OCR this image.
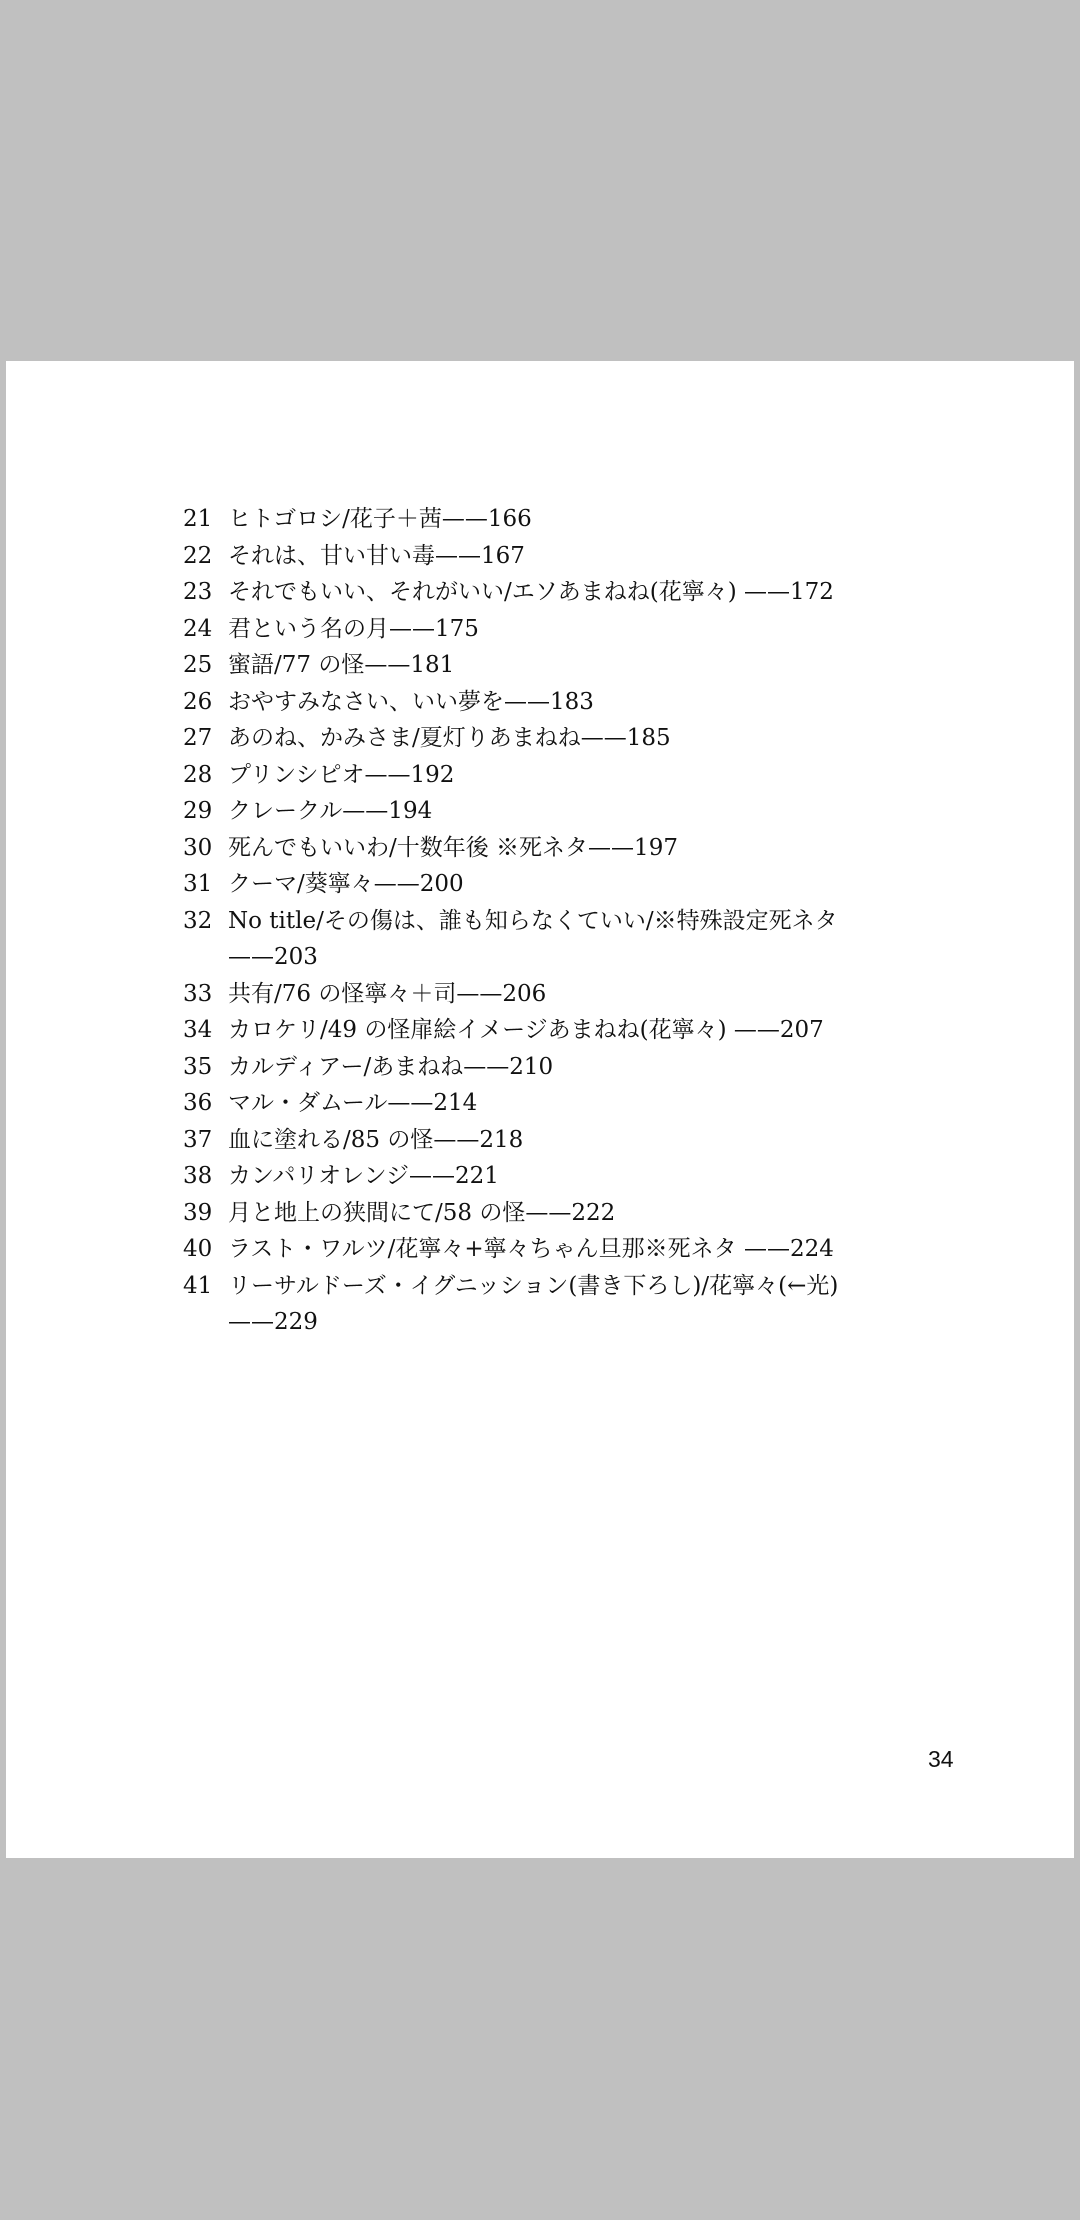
21 ヒトゴロシ/花子＋茜——166
22 それは、甘い甘い毒——167
23 それでもいい、それがいい/エソあまねね(花寧々) ——172
24 君という名の月——175
25 蜜語/77 の怪——181
26 おやすみなさい、いい夢を——183
27 あのね、かみさま/夏灯りあまねね——185
28 プリンシピオ——192
29 クレークル——194
30 死んでもいいわ/十数年後 ※死ネタ——197
31 クーマ/葵寧々——200
32 No title/その傷は、誰も知らなくていい/※特殊設定死ネタ
——203
33 共有/76 の怪寧々＋司——206
34 カロケリ/49 の怪扉絵イメージあまねね(花寧々) ——207
35 カルディアー/あまねね——210
36 マル・ダムール——214
37 血に塗れる/85 の怪——218
38 カンパリオレンジ——221
39 月と地上の狭間にて/58 の怪——222
40 ラスト・ワルツ/花寧々+寧々ちゃん旦那※死ネタ ——224
41 リーサルドーズ・イグニッション(書き下ろし)/花寧々(←光)
——229
34
